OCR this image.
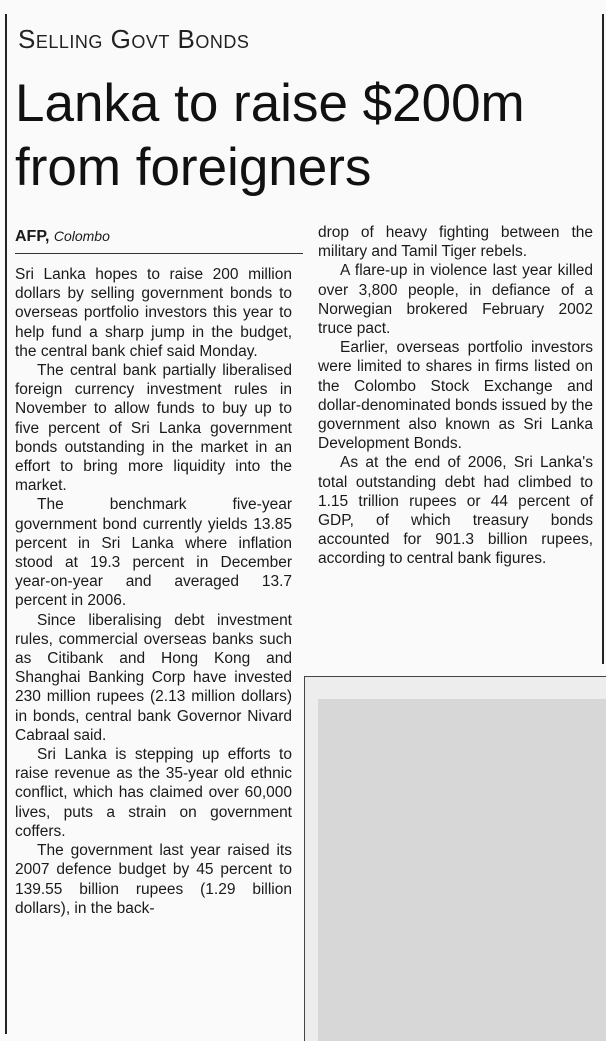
Selling Govt Bonds
Lanka to raise $200m from foreigners
AFP, Colombo

Sri Lanka hopes to raise 200 million dollars by selling government bonds to overseas portfolio investors this year to help fund a sharp jump in the budget, the central bank chief said Monday.

The central bank partially liberalised foreign currency investment rules in November to allow funds to buy up to five percent of Sri Lanka government bonds outstanding in the market in an effort to bring more liquidity into the market.

The benchmark five-year government bond currently yields 13.85 percent in Sri Lanka where inflation stood at 19.3 percent in December year-on-year and averaged 13.7 percent in 2006.

Since liberalising debt investment rules, commercial overseas banks such as Citibank and Hong Kong and Shanghai Banking Corp have invested 230 million rupees (2.13 million dollars) in bonds, central bank Governor Nivard Cabraal said.

Sri Lanka is stepping up efforts to raise revenue as the 35-year old ethnic conflict, which has claimed over 60,000 lives, puts a strain on government coffers.

The government last year raised its 2007 defence budget by 45 percent to 139.55 billion rupees (1.29 billion dollars), in the back-

drop of heavy fighting between the military and Tamil Tiger rebels.

A flare-up in violence last year killed over 3,800 people, in defiance of a Norwegian brokered February 2002 truce pact.

Earlier, overseas portfolio investors were limited to shares in firms listed on the Colombo Stock Exchange and dollar-denominated bonds issued by the government also known as Sri Lanka Development Bonds.

As at the end of 2006, Sri Lanka's total outstanding debt had climbed to 1.15 trillion rupees or 44 percent of GDP, of which treasury bonds accounted for 901.3 billion rupees, according to central bank figures.
